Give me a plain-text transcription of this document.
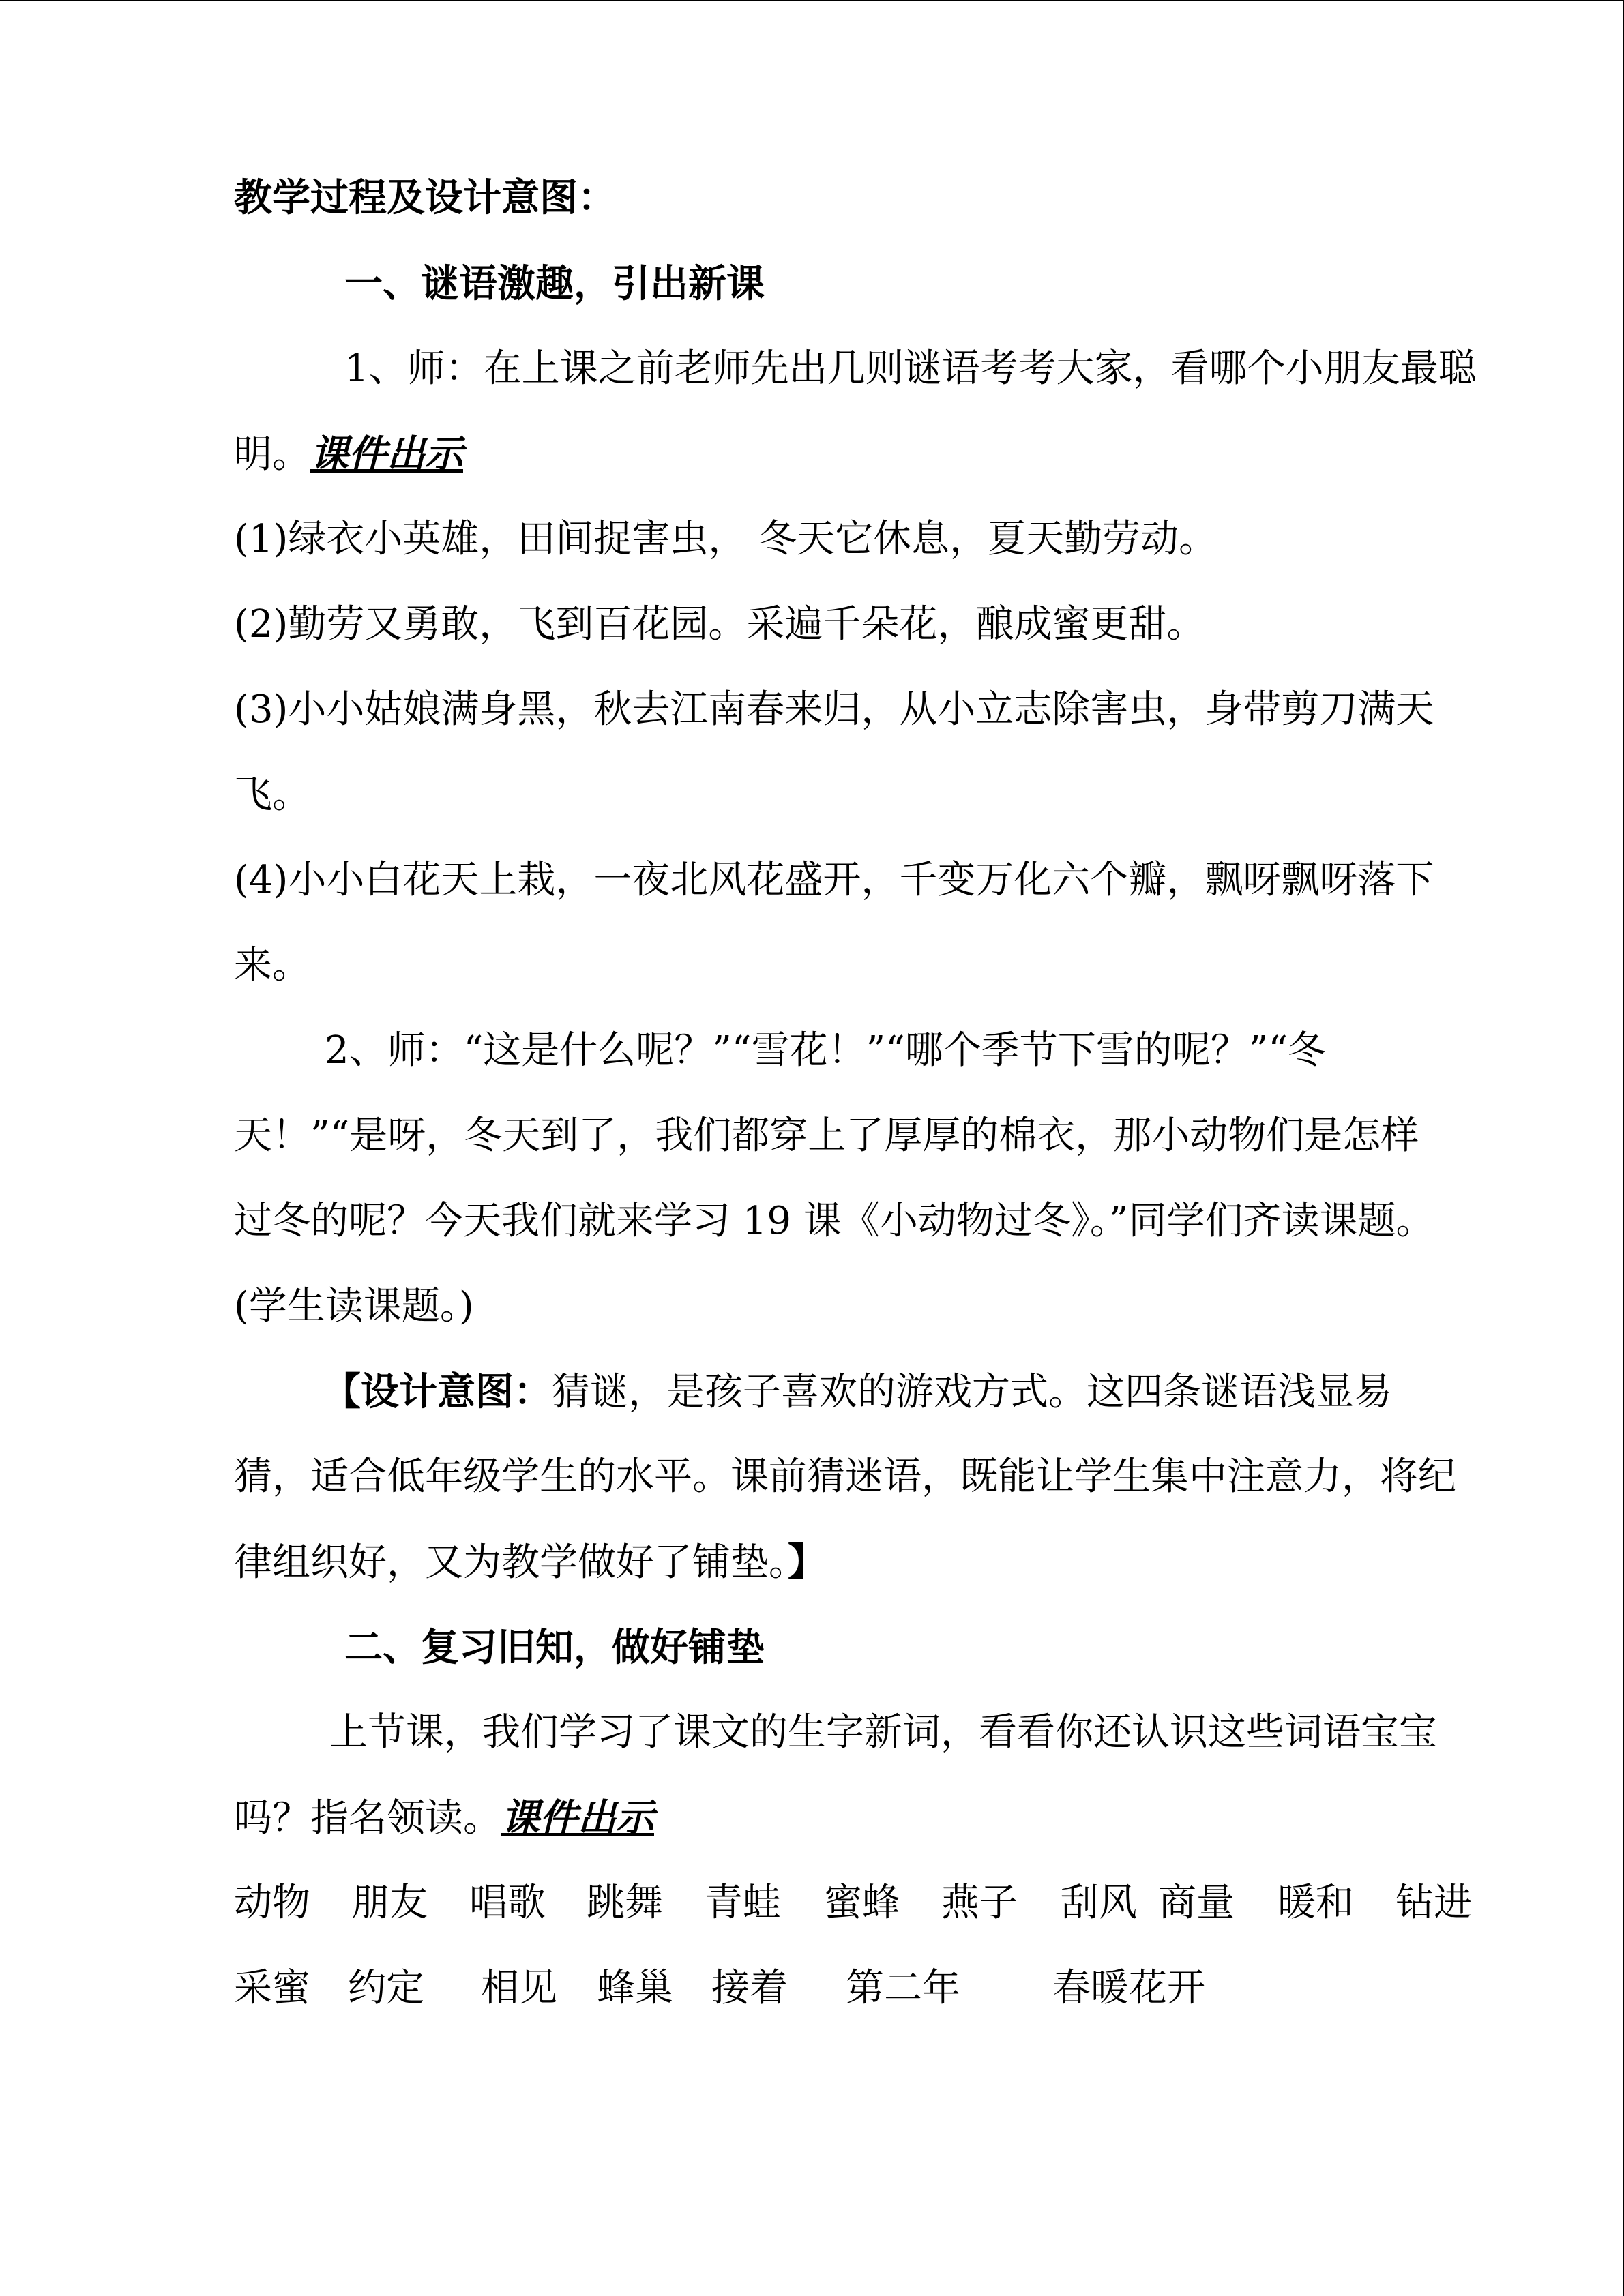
教学过程及设计意图：
一、谜语激趣，引出新课
1、师：在上课之前老师先出几则谜语考考大家，看哪个小朋友最聪
明。课件出示
(1)绿衣小英雄，田间捉害虫， 冬天它休息，夏天勤劳动。
(2)勤劳又勇敢，飞到百花园。采遍千朵花，酿成蜜更甜。
(3)小小姑娘满身黑，秋去江南春来归，从小立志除害虫，身带剪刀满天
飞。
(4)小小白花天上栽，一夜北风花盛开，千变万化六个瓣，飘呀飘呀落下
来。
2、师：“这是什么呢？”“雪花！”“哪个季节下雪的呢？”“冬
天！”“是呀，冬天到了，我们都穿上了厚厚的棉衣，那小动物们是怎样
过冬的呢？今天我们就来学习 19 课《小动物过冬》。”同学们齐读课题。
(学生读课题。)
【设计意图：猜谜，是孩子喜欢的游戏方式。这四条谜语浅显易
猜，适合低年级学生的水平。课前猜迷语，既能让学生集中注意力，将纪
律组织好，又为教学做好了铺垫。】
二、复习旧知，做好铺垫
上节课，我们学习了课文的生字新词，看看你还认识这些词语宝宝
吗？指名领读。课件出示
动物 朋友 唱歌 跳舞 青蛙 蜜蜂 燕子 刮风 商量 暖和 钻进
采蜜 约定 相见 蜂巢 接着 第二年 春暖花开
